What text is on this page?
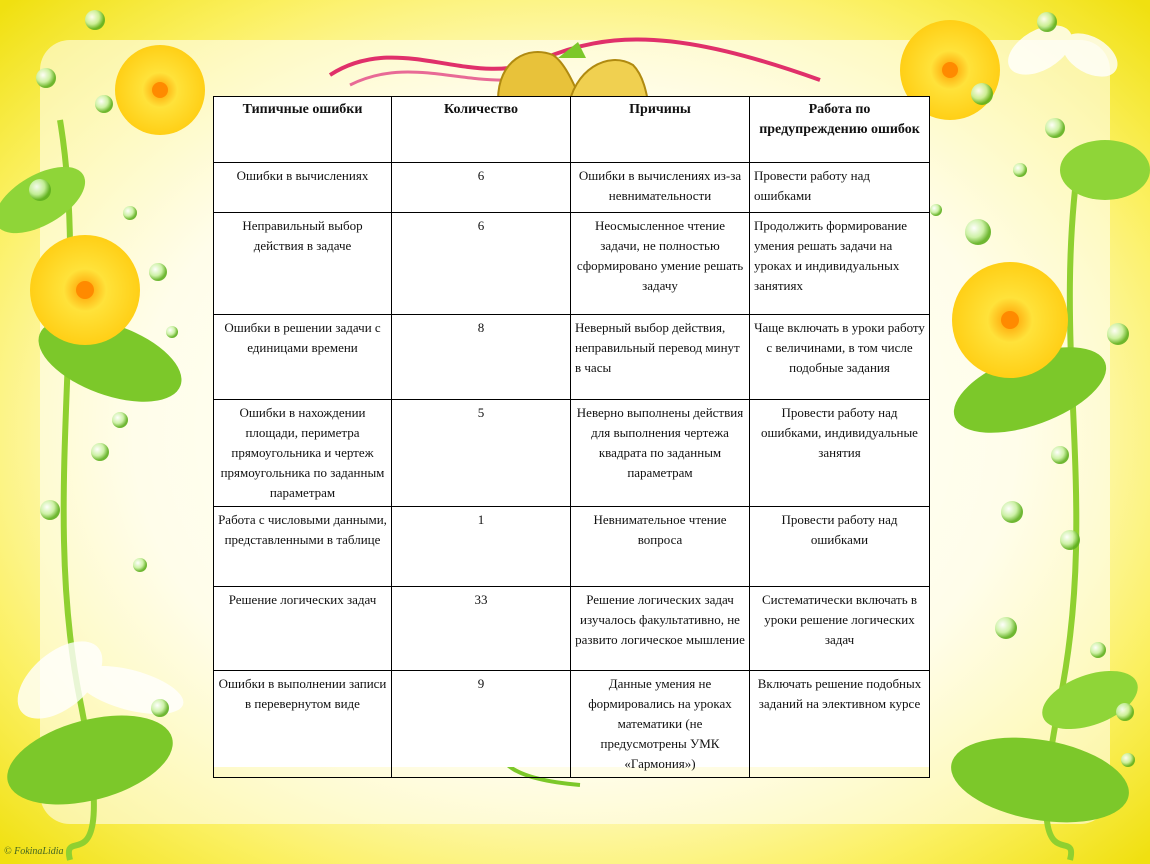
Типичные ошибки	Количество	Причины	Работа по предупреждению ошибок
Ошибки в вычислениях	6	Ошибки в вычислениях из-за невнимательности	Провести работу над ошибками
Неправильный выбор действия в задаче	6	Неосмысленное чтение задачи, не полностью сформировано умение решать задачу	Продолжить формирование умения решать задачи на уроках и индивидуальных занятиях
Ошибки в решении задачи с единицами времени	8	Неверный выбор действия, неправильный перевод минут в часы	Чаще включать в уроки работу с величинами, в том числе подобные задания
Ошибки в нахождении площади, периметра прямоугольника и чертеж прямоугольника по заданным параметрам	5	Неверно выполнены действия для выполнения чертежа квадрата по заданным параметрам	Провести работу над ошибками, индивидуальные занятия
Работа с числовыми данными, представленными в таблице	1	Невнимательное чтение вопроса	Провести работу над ошибками
Решение логических задач	33	Решение логических задач изучалось факультативно, не развито логическое мышление	Систематически включать в уроки решение логических задач
Ошибки в выполнении записи в перевернутом виде	9	Данные умения не формировались на уроках математики (не предусмотрены УМК «Гармония»)	Включать решение подобных заданий на элективном курсе
© FokinaLidia
